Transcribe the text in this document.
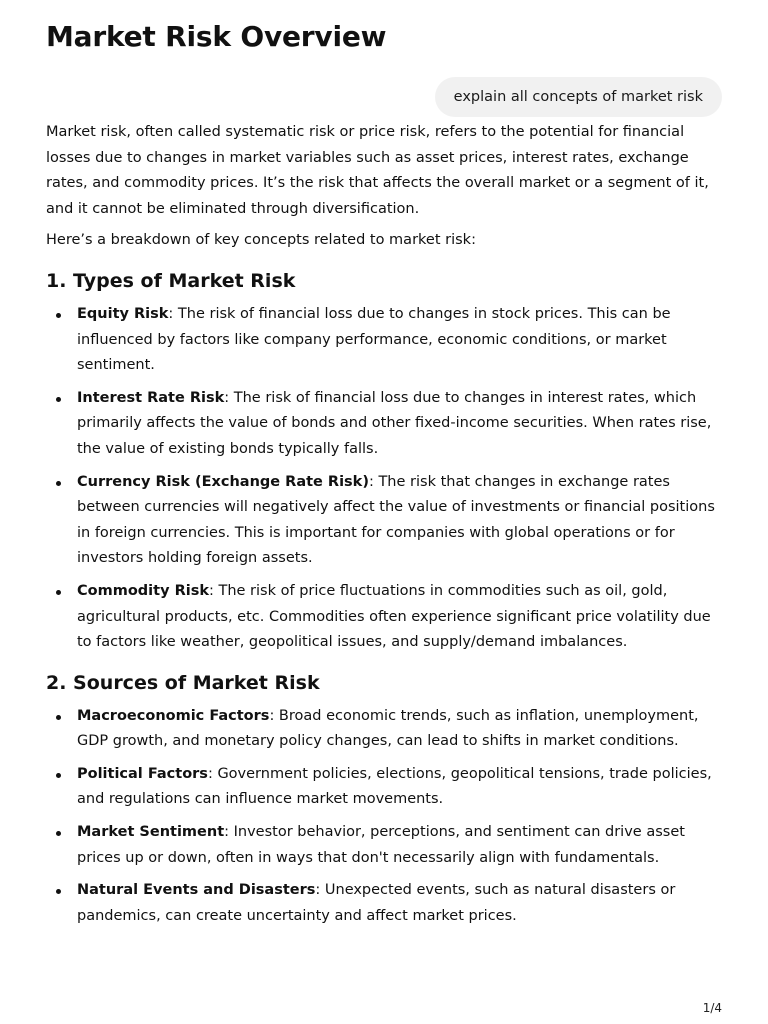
Market Risk Overview
explain all concepts of market risk

Market risk, often called systematic risk or price risk, refers to the potential for financial losses due to changes in market variables such as asset prices, interest rates, exchange rates, and commodity prices. It’s the risk that affects the overall market or a segment of it, and it cannot be eliminated through diversification.

Here’s a breakdown of key concepts related to market risk:

1. Types of Market Risk
Equity Risk: The risk of financial loss due to changes in stock prices. This can be influenced by factors like company performance, economic conditions, or market sentiment.
Interest Rate Risk: The risk of financial loss due to changes in interest rates, which primarily affects the value of bonds and other fixed-income securities. When rates rise, the value of existing bonds typically falls.
Currency Risk (Exchange Rate Risk): The risk that changes in exchange rates between currencies will negatively affect the value of investments or financial positions in foreign currencies. This is important for companies with global operations or for investors holding foreign assets.
Commodity Risk: The risk of price fluctuations in commodities such as oil, gold, agricultural products, etc. Commodities often experience significant price volatility due to factors like weather, geopolitical issues, and supply/demand imbalances.
2. Sources of Market Risk
Macroeconomic Factors: Broad economic trends, such as inflation, unemployment, GDP growth, and monetary policy changes, can lead to shifts in market conditions.
Political Factors: Government policies, elections, geopolitical tensions, trade policies, and regulations can influence market movements.
Market Sentiment: Investor behavior, perceptions, and sentiment can drive asset prices up or down, often in ways that don't necessarily align with fundamentals.
Natural Events and Disasters: Unexpected events, such as natural disasters or pandemics, can create uncertainty and affect market prices.
1/4
